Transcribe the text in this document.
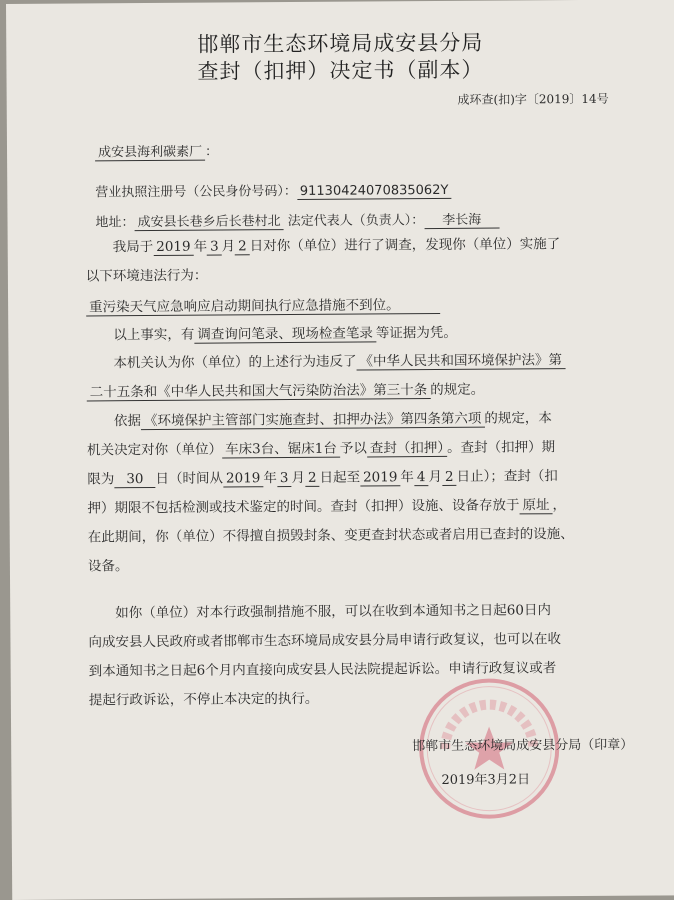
邯郸市生态环境局成安县分局
查封（扣押）决定书（副本）
成环查(扣)字〔2019〕14号
成安县海利碳素厂 ：
营业执照注册号（公民身份号码）： 91130424070835062Y
地址： 成安县长巷乡后长巷村北 法定代表人（负责人）： 李长海
我局于 2019 年 3 月 2 日对你（单位）进行了调查，发现你（单位）实施了
以下环境违法行为：
重污染天气应急响应启动期间执行应急措施不到位。
以上事实，有 调查询问笔录、现场检查笔录 等证据为凭。
本机关认为你（单位）的上述行为违反了 《中华人民共和国环境保护法》第
二十五条和《中华人民共和国大气污染防治法》第三十条 的规定。
依据 《环境保护主管部门实施查封、扣押办法》第四条第六项 的规定，本
机关决定对你（单位） 车床3台、锯床1台 予以 查封（扣押） 。查封（扣押）期
限为 30 日（时间从 2019 年 3 月 2 日起至 2019 年 4 月 2 日止）；查封（扣
押）期限不包括检测或技术鉴定的时间。查封（扣押）设施、设备存放于 原址 ，
在此期间，你（单位）不得擅自损毁封条、变更查封状态或者启用已查封的设施、
设备。
如你（单位）对本行政强制措施不服，可以在收到本通知书之日起60日内
向成安县人民政府或者邯郸市生态环境局成安县分局申请行政复议，也可以在收
到本通知书之日起6个月内直接向成安县人民法院提起诉讼。申请行政复议或者
提起行政诉讼，不停止本决定的执行。
邯郸市生态环境局成安县分局（印章）
2019年3月2日
